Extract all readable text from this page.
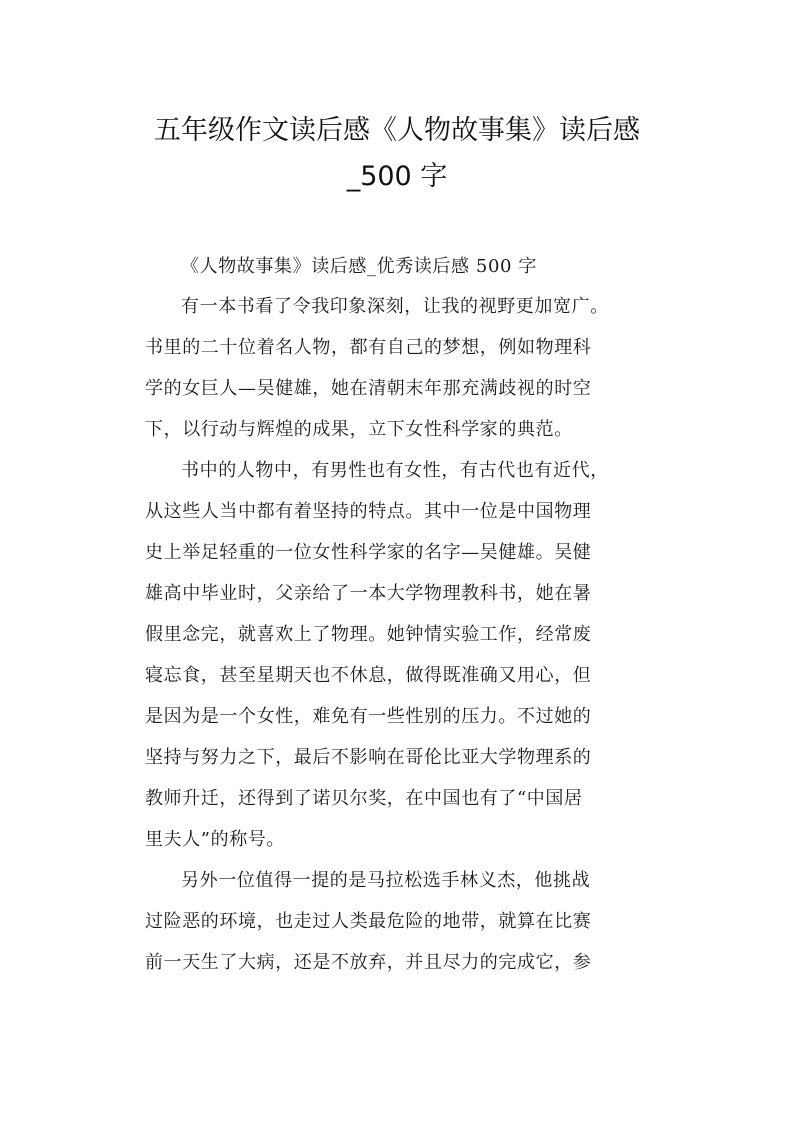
五年级作文读后感《人物故事集》读后感
_500 字
《人物故事集》读后感_优秀读后感 500 字
有一本书看了令我印象深刻，让我的视野更加宽广。
书里的二十位着名人物，都有自己的梦想，例如物理科
学的女巨人—吴健雄，她在清朝末年那充满歧视的时空
下，以行动与辉煌的成果，立下女性科学家的典范。
书中的人物中，有男性也有女性，有古代也有近代，
从这些人当中都有着坚持的特点。其中一位是中国物理
史上举足轻重的一位女性科学家的名字—吴健雄。吴健
雄高中毕业时，父亲给了一本大学物理教科书，她在暑
假里念完，就喜欢上了物理。她钟情实验工作，经常废
寝忘食，甚至星期天也不休息，做得既准确又用心，但
是因为是一个女性，难免有一些性别的压力。不过她的
坚持与努力之下，最后不影响在哥伦比亚大学物理系的
教师升迁，还得到了诺贝尔奖，在中国也有了“中国居
里夫人”的称号。
另外一位值得一提的是马拉松选手林义杰，他挑战
过险恶的环境，也走过人类最危险的地带，就算在比赛
前一天生了大病，还是不放弃，并且尽力的完成它，参
